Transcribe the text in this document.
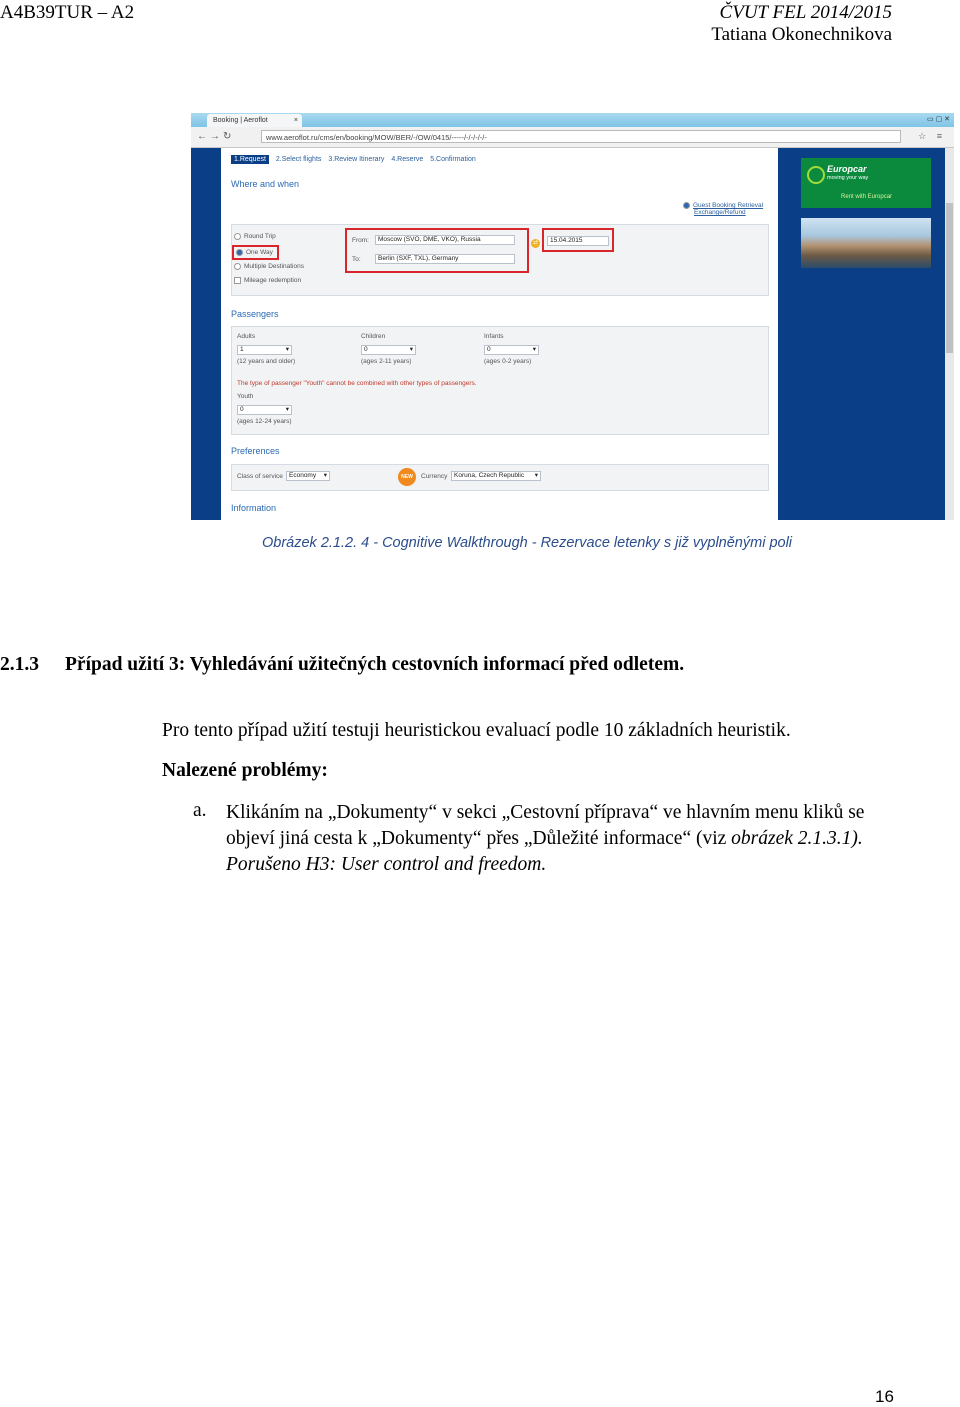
A4B39TUR – A2	ČVUT FEL 2014/2015
Tatiana Okonechnikova
Booking | Aeroflot	×	▭ ▢ ✕
←→↻	www.aeroflot.ru/cms/en/booking/MOW/BER/-/OW/0415/-----/-/-/-/-/-	☆ ≡
1.Request 2.Select flights 3.Review Itinerary 4.Reserve 5.Confirmation
Where and when
Guest Booking Retrieval
Exchange/Refund
Round Trip
One Way
Multiple Destinations
Mileage redemption
From:	Moscow (SVO, DME, VKO), Russia
To:	Berlin (SXF, TXL), Germany
⇄	15.04.2015
Passengers
Adults
1	▾
(12 years and older)
Children
0	▾
(ages 2-11 years)
Infants
0	▾
(ages 0-2 years)
The type of passenger "Youth" cannot be combined with other types of passengers.
Youth
0	▾
(ages 12-24 years)
Preferences
Class of service Economy ▾	NEW	Currency	Koruna, Czech Republic ▾
Information
Europcar
moving your way
Rent with Europcar
Obrázek 2.1.2. 4 - Cognitive Walkthrough - Rezervace letenky s již vyplněnými poli
2.1.3 Případ užití 3: Vyhledávání užitečných cestovních informací před odletem.
Pro tento případ užití testuji heuristickou evaluací podle 10 základních heuristik.
Nalezené problémy:
a. Klikáním na „Dokumenty“ v sekci „Cestovní příprava“ ve hlavním menu kliků se objeví jiná cesta k „Dokumenty“ přes „Důležité informace“ (viz obrázek 2.1.3.1). Porušeno H3: User control and freedom.
16
